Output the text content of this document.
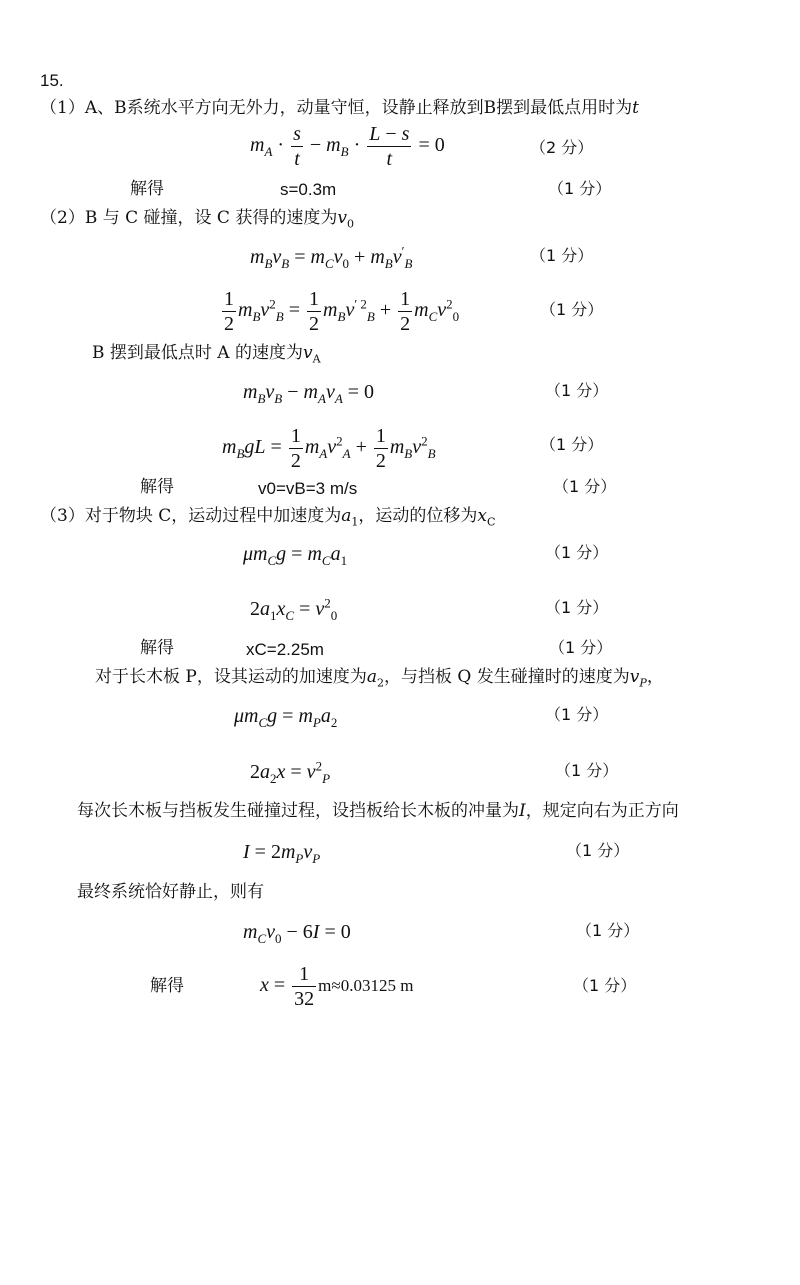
15.
（1）A、B系统水平方向无外力，动量守恒，设静止释放到B摆到最低点用时为t
$m_A \cdot \frac{s}{t} - m_B \cdot \frac{L - s}{t} = 0$	（2 分）
解得	s=0.3m	（1 分）
（2）B 与 C 碰撞，设 C 获得的速度为$v_0$
$m_Bv_B = m_Cv_0 + m_Bv'_B$	（1 分）
$\frac{1}{2} m_Bv^2_B = \frac{1}{2} m_Bv^{' 2}_B + \frac{1}{2} m_Cv^2_0$	（1 分）
B 摆到最低点时 A 的速度为$v_A$
$m_Bv_B - m_Av_A = 0$	（1 分）
$m_BgL = \frac{1}{2} m_Av^2_A + \frac{1}{2} m_Bv^2_B$	（1 分）
解得	v0=vB=3 m/s	（1 分）
（3）对于物块 C，运动过程中加速度为$a_1$，运动的位移为$x_C$
$\mu m_Cg = m_Ca_1$	（1 分）
$2a_1x_C = v^2_0$	（1 分）
解得	xC=2.25m	（1 分）
对于长木板 P，设其运动的加速度为$a_2$，与挡板 Q 发生碰撞时的速度为$v_P$，
$\mu m_Cg = m_Pa_2$	（1 分）
$2a_2x = v^2_P$	（1 分）
每次长木板与挡板发生碰撞过程，设挡板给长木板的冲量为I，规定向右为正方向
$I = 2m_Pv_P$	（1 分）
最终系统恰好静止，则有
$m_Cv_0 - 6I = 0$	（1 分）
解得	$x = \frac{1}{32} m\approx 0.03125$ m	（1 分）
